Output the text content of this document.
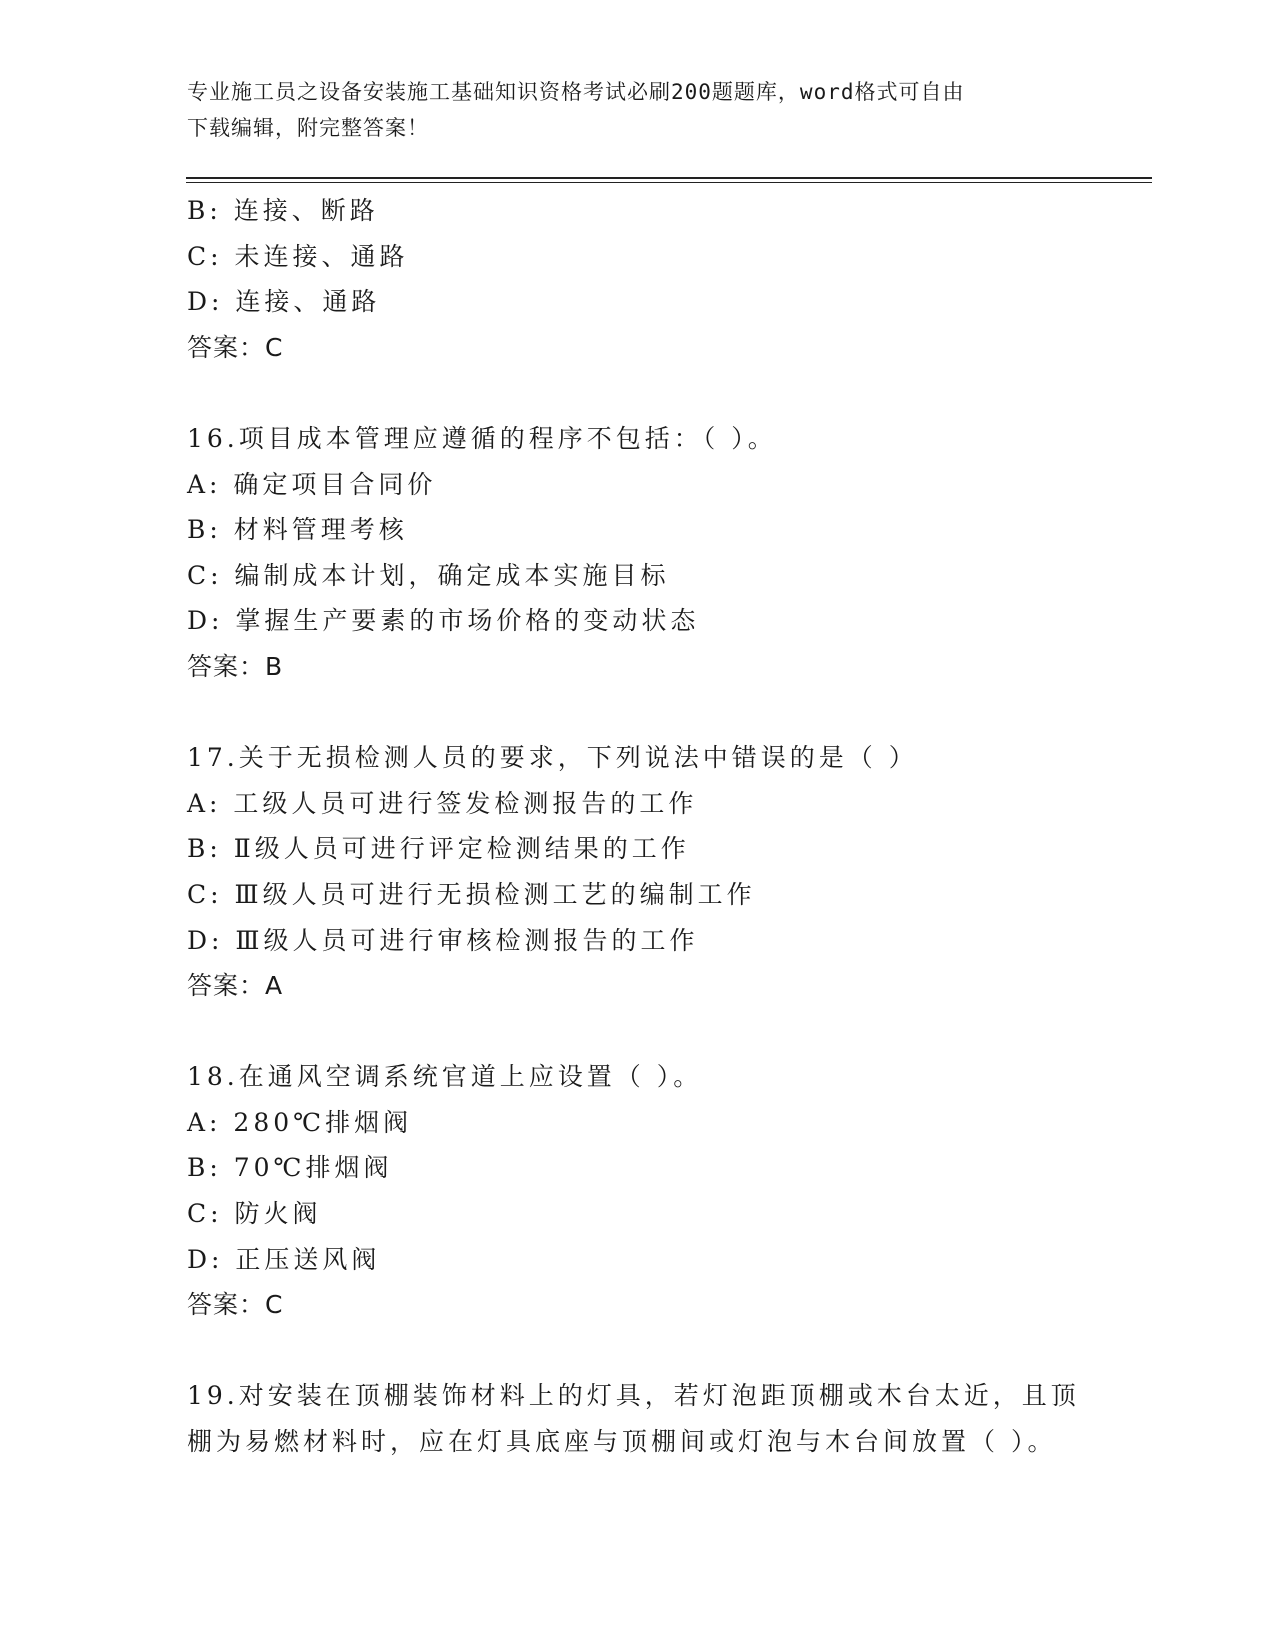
专业施工员之设备安装施工基础知识资格考试必刷200题题库，word格式可自由
下载编辑，附完整答案！
B: 连接、断路
C: 未连接、通路
D: 连接、通路
答案：C
16.项目成本管理应遵循的程序不包括：（ ）。
A: 确定项目合同价
B: 材料管理考核
C: 编制成本计划，确定成本实施目标
D: 掌握生产要素的市场价格的变动状态
答案：B
17.关于无损检测人员的要求，下列说法中错误的是（ ）
A: 工级人员可进行签发检测报告的工作
B: Ⅱ级人员可进行评定检测结果的工作
C: Ⅲ级人员可进行无损检测工艺的编制工作
D: Ⅲ级人员可进行审核检测报告的工作
答案：A
18.在通风空调系统官道上应设置（ ）。
A: 280℃排烟阀
B: 70℃排烟阀
C: 防火阀
D: 正压送风阀
答案：C
19.对安装在顶棚装饰材料上的灯具，若灯泡距顶棚或木台太近，且顶
棚为易燃材料时，应在灯具底座与顶棚间或灯泡与木台间放置（ ）。
